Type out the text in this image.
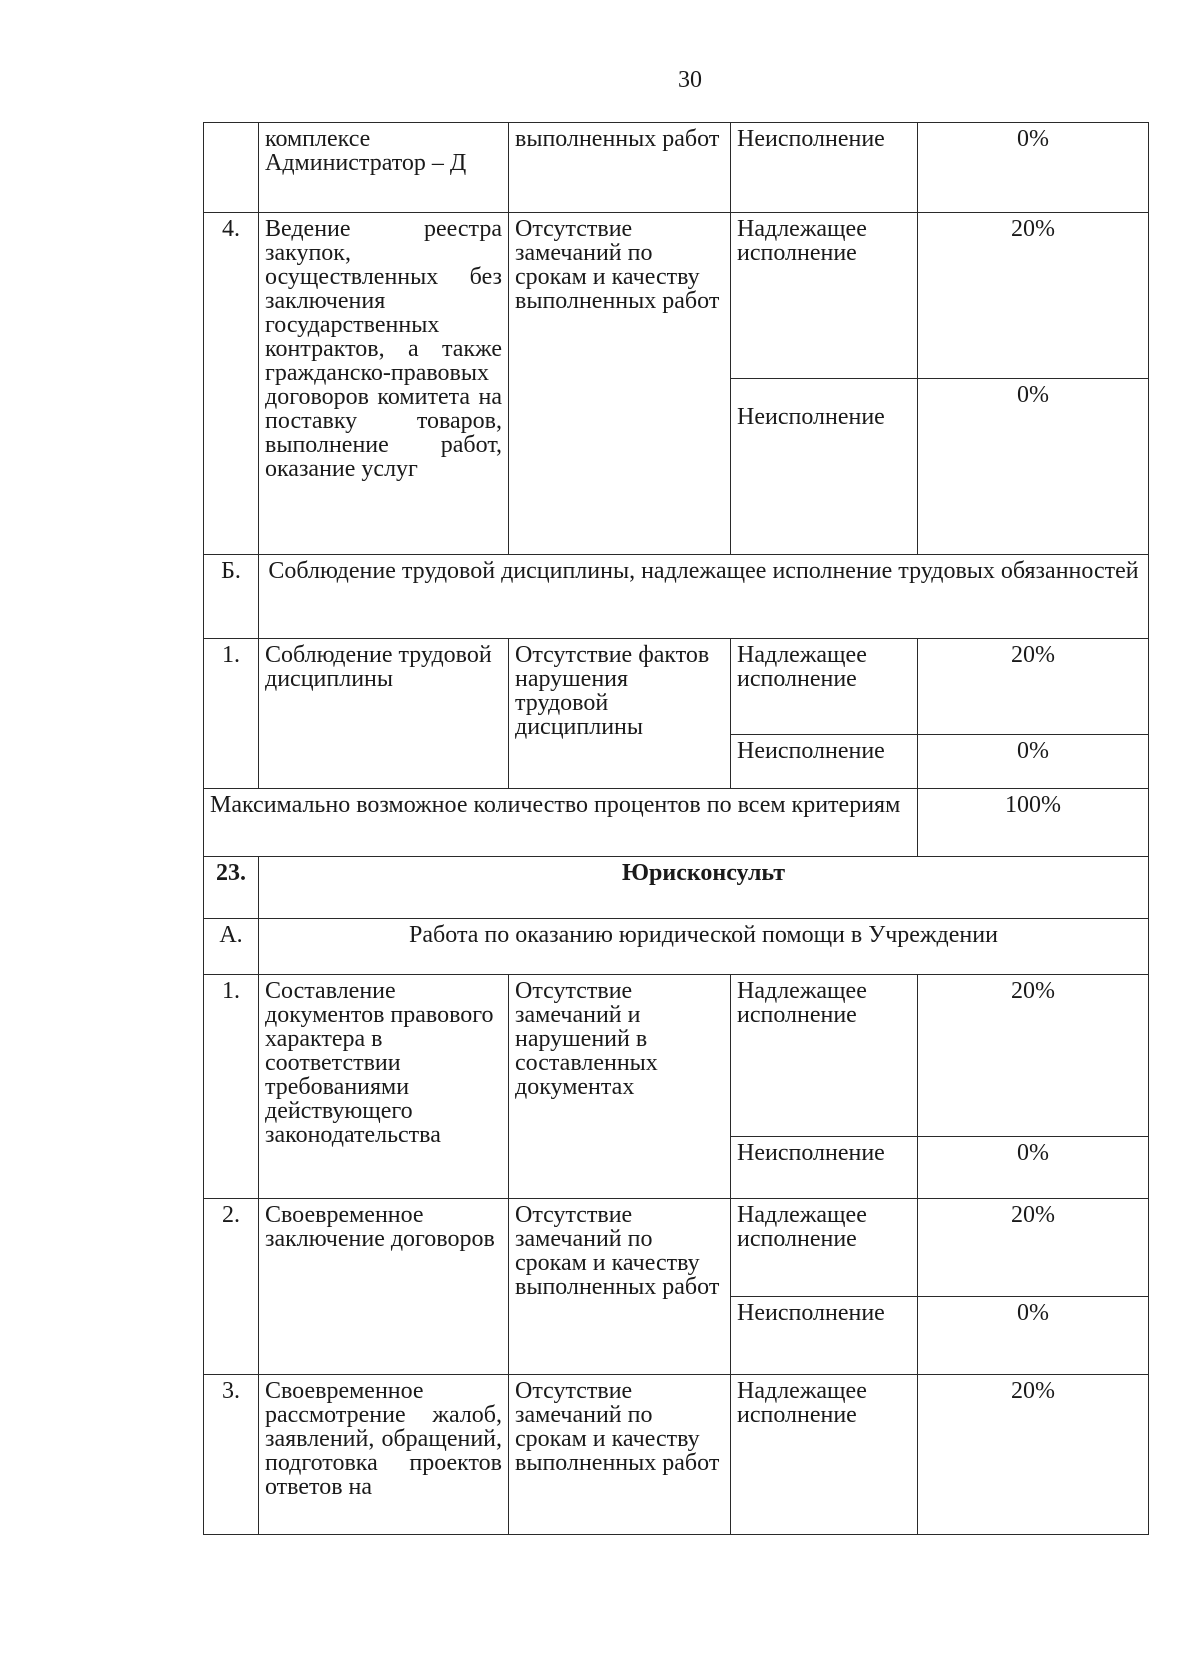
30
	комплексе Администратор – Д	выполненных работ	Неисполнение	0%
4.	Ведение реестра закупок, осуществленных без заключения государственных контрактов, а также гражданско-правовых договоров комитета на поставку товаров, выполнение работ, оказание услуг	Отсутствие замечаний по срокам и качеству выполненных работ	Надлежащее исполнение	20%
			Неисполнение	0%
Б.	Соблюдение трудовой дисциплины, надлежащее исполнение трудовых обязанностей			
1.	Соблюдение трудовой дисциплины	Отсутствие фактов нарушения трудовой дисциплины	Надлежащее исполнение	20%
			Неисполнение	0%
Максимально возможное количество процентов по всем критериям				100%
23.	Юрисконсульт			
А.	Работа по оказанию юридической помощи в Учреждении			
1.	Составление документов правового характера в соответствии требованиями действующего законодательства	Отсутствие замечаний и нарушений в составленных документах	Надлежащее исполнение	20%
			Неисполнение	0%
2.	Своевременное заключение договоров	Отсутствие замечаний по срокам и качеству выполненных работ	Надлежащее исполнение	20%
			Неисполнение	0%
3.	Своевременное рассмотрение жалоб, заявлений, обращений, подготовка проектов ответов на	Отсутствие замечаний по срокам и качеству выполненных работ	Надлежащее исполнение	20%
